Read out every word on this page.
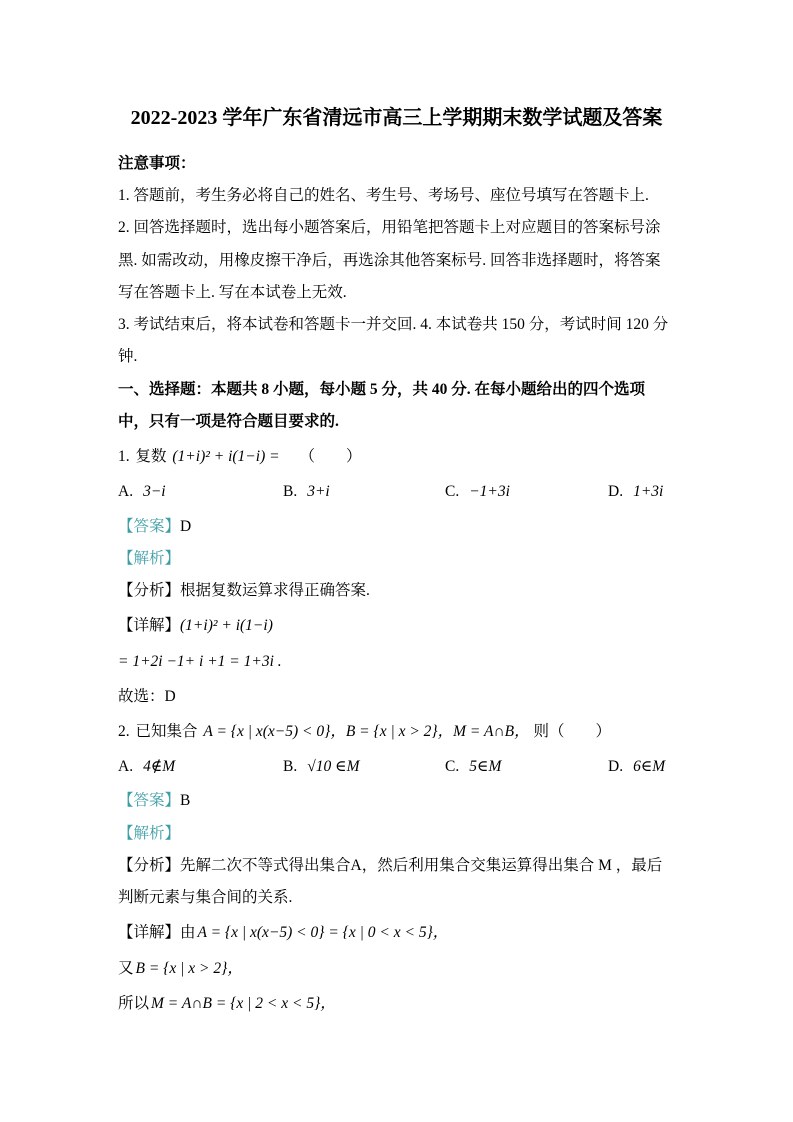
2022-2023 学年广东省清远市高三上学期期末数学试题及答案

注意事项：

1. 答题前，考生务必将自己的姓名、考生号、考场号、座位号填写在答题卡上.

2. 回答选择题时，选出每小题答案后，用铅笔把答题卡上对应题目的答案标号涂黑. 如需改动，用橡皮擦干净后，再选涂其他答案标号. 回答非选择题时，将答案写在答题卡上. 写在本试卷上无效.

3. 考试结束后，将本试卷和答题卡一并交回. 4. 本试卷共 150 分，考试时间 120 分钟.

一、选择题：本题共 8 小题，每小题 5 分，共 40 分. 在每小题给出的四个选项中，只有一项是符合题目要求的.

1. 复数 (1+i)² + i(1−i) = （　　）

A. 3−i	B. 3+i	C. −1+3i	D. 1+3i

【答案】D

【解析】

【分析】根据复数运算求得正确答案.

【详解】(1+i)² + i(1−i)

= 1+2i −1+ i +1 = 1+3i .

故选：D

2. 已知集合 A = {x | x(x−5) < 0}，B = {x | x > 2}，M = A∩B， 则（　　）

A. 4∉M	B. √10 ∈M	C. 5∈M	D. 6∈M

【答案】B

【解析】

【分析】先解二次不等式得出集合A，然后利用集合交集运算得出集合 M ，最后判断元素与集合间的关系.

【详解】由 A = {x | x(x−5) < 0} = {x | 0 < x < 5}，

又 B = {x | x > 2}，

所以 M = A∩B = {x | 2 < x < 5}，
